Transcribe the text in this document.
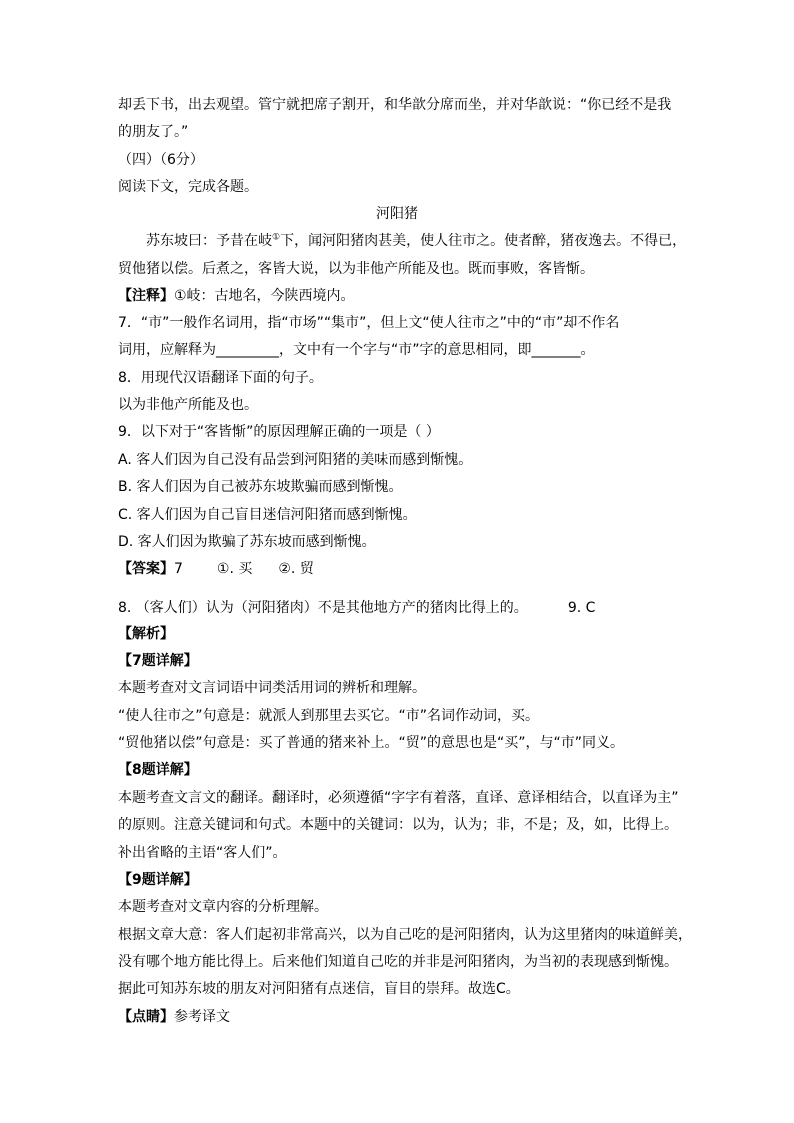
却丢下书，出去观望。管宁就把席子割开，和华歆分席而坐，并对华歆说：“你已经不是我
的朋友了。”
（四）（6分）
阅读下文，完成各题。
河阳猪
苏东坡曰：予昔在岐①下，闻河阳猪肉甚美，使人往市之。使者醉，猪夜逸去。不得已，
贸他猪以偿。后煮之，客皆大说，以为非他产所能及也。既而事败，客皆惭。
【注释】①岐：古地名，今陕西境内。
7．“市”一般作名词用，指“市场”“集市”，但上文“使人往市之”中的“市”却不作名
词用，应解释为_________，文中有一个字与“市”字的意思相同，即_______。
8．用现代汉语翻译下面的句子。
以为非他产所能及也。
9．以下对于“客皆惭”的原因理解正确的一项是（ ）
A. 客人们因为自己没有品尝到河阳猪的美味而感到惭愧。
B. 客人们因为自己被苏东坡欺骗而感到惭愧。
C. 客人们因为自己盲目迷信河阳猪而感到惭愧。
D. 客人们因为欺骗了苏东坡而感到惭愧。
【答案】7 ①. 买 ②. 贸
8. （客人们）认为（河阳猪肉）不是其他地方产的猪肉比得上的。	9. C
【解析】
【7题详解】
本题考查对文言词语中词类活用词的辨析和理解。
“使人往市之”句意是：就派人到那里去买它。“市”名词作动词，买。
“贸他猪以偿”句意是：买了普通的猪来补上。“贸”的意思也是“买”，与“市”同义。
【8题详解】
本题考查文言文的翻译。翻译时，必须遵循“字字有着落，直译、意译相结合，以直译为主”
的原则。注意关键词和句式。本题中的关键词：以为，认为；非，不是；及，如，比得上。
补出省略的主语“客人们”。
【9题详解】
本题考查对文章内容的分析理解。
根据文章大意：客人们起初非常高兴，以为自己吃的是河阳猪肉，认为这里猪肉的味道鲜美，
没有哪个地方能比得上。后来他们知道自己吃的并非是河阳猪肉，为当初的表现感到惭愧。
据此可知苏东坡的朋友对河阳猪有点迷信，盲目的崇拜。故选C。
【点睛】参考译文
